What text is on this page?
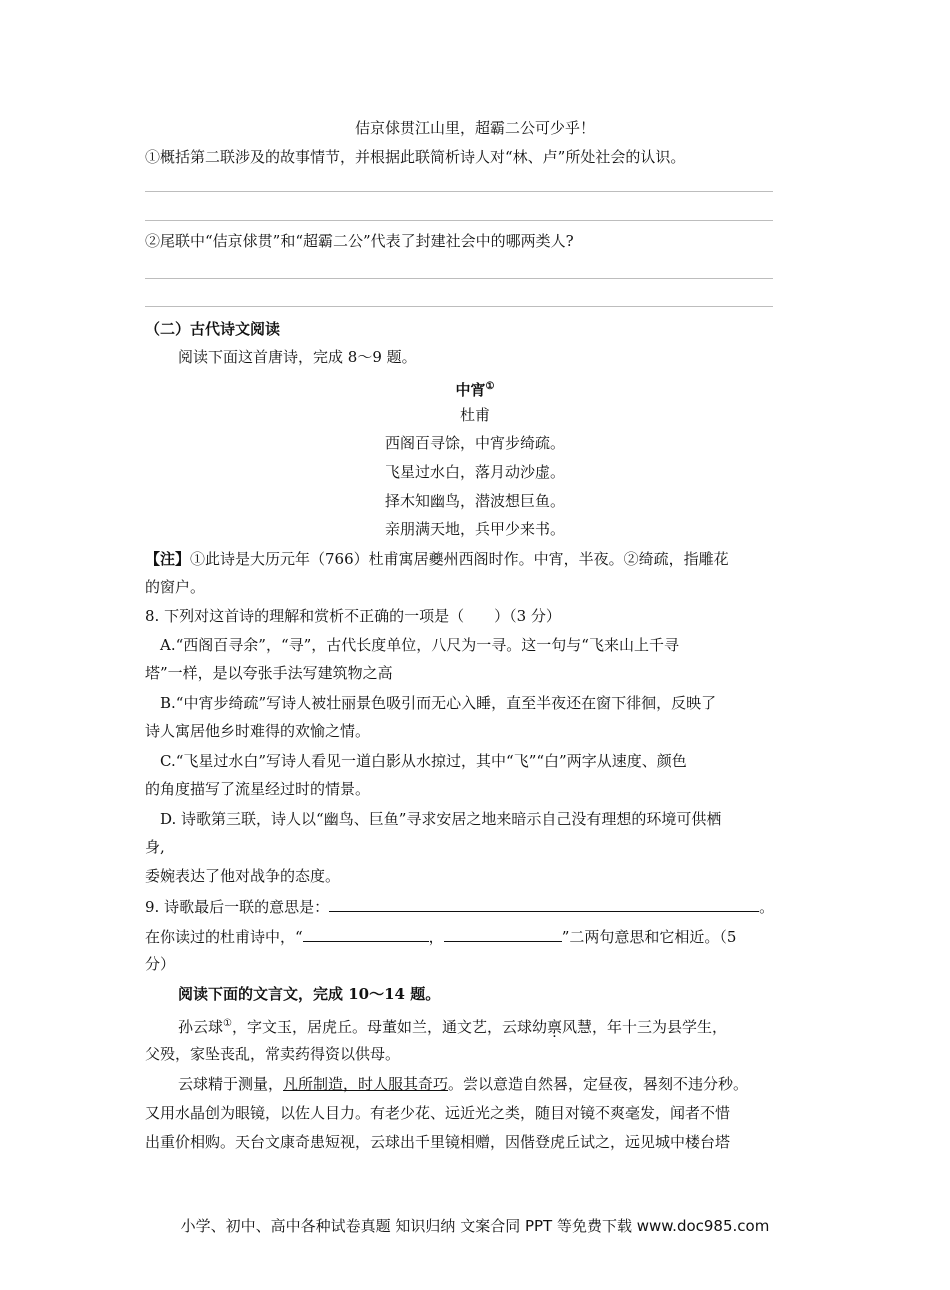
佶京俅贯江山里，超霸二公可少乎！
①概括第二联涉及的故事情节，并根据此联简析诗人对“林、卢”所处社会的认识。
②尾联中“佶京俅贯”和“超霸二公”代表了封建社会中的哪两类人?
（二）古代诗文阅读
阅读下面这首唐诗，完成 8～9 题。
中宵①
杜甫
西阁百寻馀，中宵步绮疏。
飞星过水白，落月动沙虚。
择木知幽鸟，潜波想巨鱼。
亲朋满天地，兵甲少来书。
【注】①此诗是大历元年（766）杜甫寓居夔州西阁时作。中宵，半夜。②绮疏，指雕花
的窗户。
8. 下列对这首诗的理解和赏析不正确的一项是（　　）（3 分）
A.“西阁百寻余”，“寻”，古代长度单位，八尺为一寻。这一句与“飞来山上千寻
塔”一样，是以夸张手法写建筑物之高
B.“中宵步绮疏”写诗人被壮丽景色吸引而无心入睡，直至半夜还在窗下徘徊，反映了
诗人寓居他乡时难得的欢愉之情。
C.“飞星过水白”写诗人看见一道白影从水掠过，其中“飞”“白”两字从速度、颜色
的角度描写了流星经过时的情景。
D. 诗歌第三联，诗人以“幽鸟、巨鱼”寻求安居之地来暗示自己没有理想的环境可供栖
身,
委婉表达了他对战争的态度。
9. 诗歌最后一联的意思是：	。
在你读过的杜甫诗中，“	，	”二两句意思和它相近。（5
分）
阅读下面的文言文，完成 10～14 题。
孙云球①，字文玉，居虎丘。母董如兰，通文艺，云球幼禀风慧，年十三为县学生，
父殁，家坠丧乱，常卖药得资以供母。
云球精于测量，凡所制造，时人服其奇巧。尝以意造自然晷，定昼夜，晷刻不违分秒。
又用水晶创为眼镜，以佐人目力。有老少花、远近光之类，随目对镜不爽毫发，闻者不惜
出重价相购。天台文康奇患短视，云球出千里镜相赠，因偕登虎丘试之，远见城中楼台塔
小学、初中、高中各种试卷真题 知识归纳 文案合同 PPT 等免费下载 www.doc985.com
